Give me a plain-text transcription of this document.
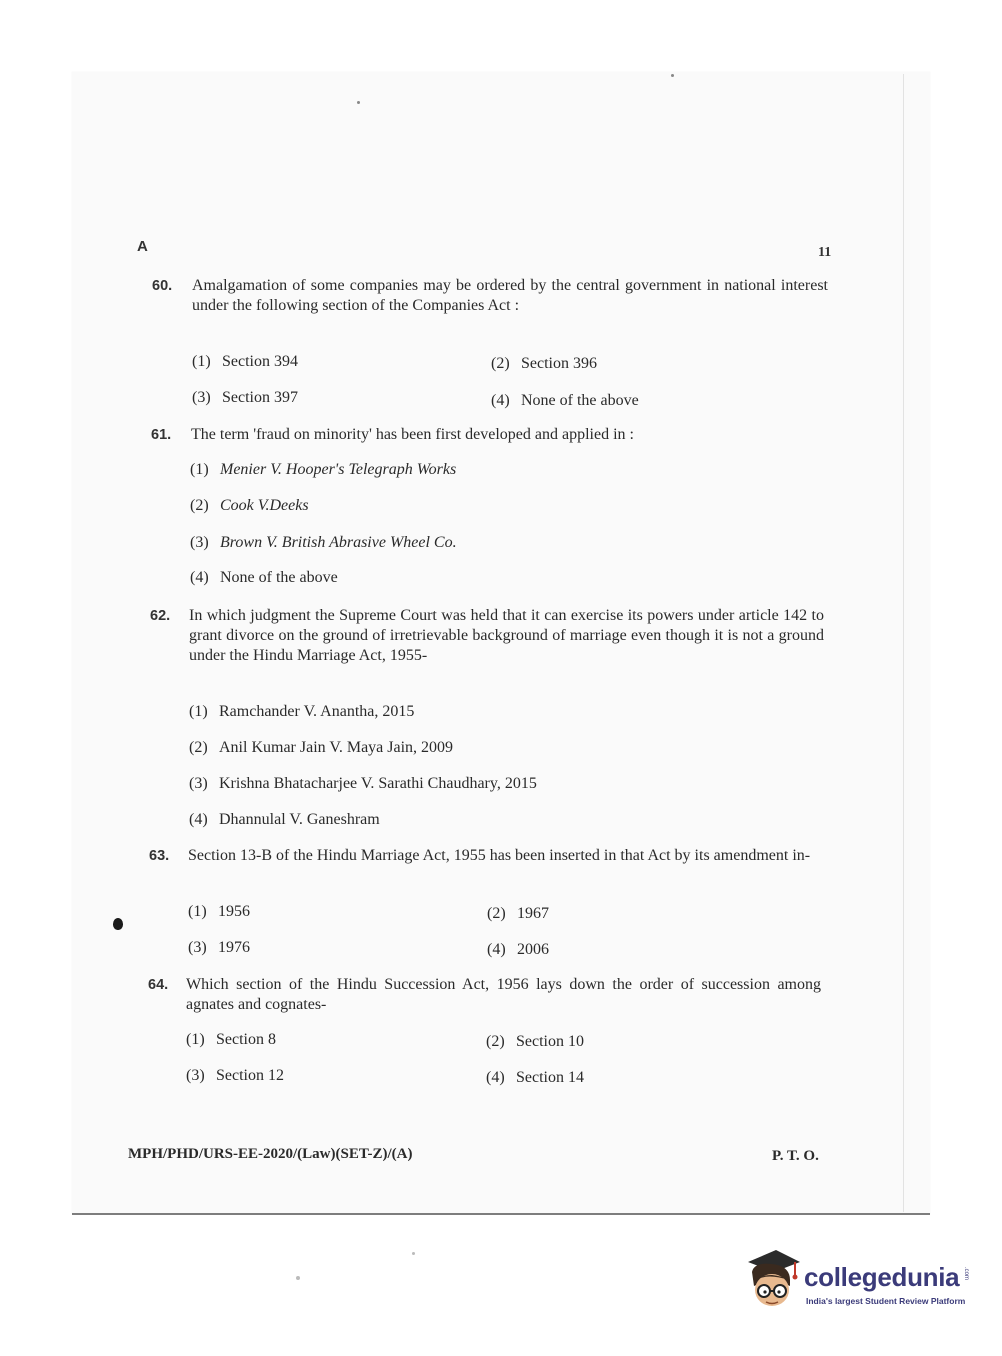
A	11
60. Amalgamation of some companies may be ordered by the central government in national interest under the following section of the Companies Act :
(1) Section 394	(2) Section 396
(3) Section 397	(4) None of the above
61. The term 'fraud on minority' has been first developed and applied in :
(1) Menier V. Hooper's Telegraph Works
(2) Cook V.Deeks
(3) Brown V. British Abrasive Wheel Co.
(4) None of the above
62. In which judgment the Supreme Court was held that it can exercise its powers under article 142 to grant divorce on the ground of irretrievable background of marriage even though it is not a ground under the Hindu Marriage Act, 1955-
(1) Ramchander V. Anantha, 2015
(2) Anil Kumar Jain V. Maya Jain, 2009
(3) Krishna Bhatacharjee V. Sarathi Chaudhary, 2015
(4) Dhannulal V. Ganeshram
63. Section 13-B of the Hindu Marriage Act, 1955 has been inserted in that Act by its amendment in-
(1) 1956	(2) 1967
(3) 1976	(4) 2006
64. Which section of the Hindu Succession Act, 1956 lays down the order of succession among agnates and cognates-
(1) Section 8	(2) Section 10
(3) Section 12	(4) Section 14
MPH/PHD/URS-EE-2020/(Law)(SET-Z)/(A)	P. T. O.
collegedunia .com
India's largest Student Review Platform
